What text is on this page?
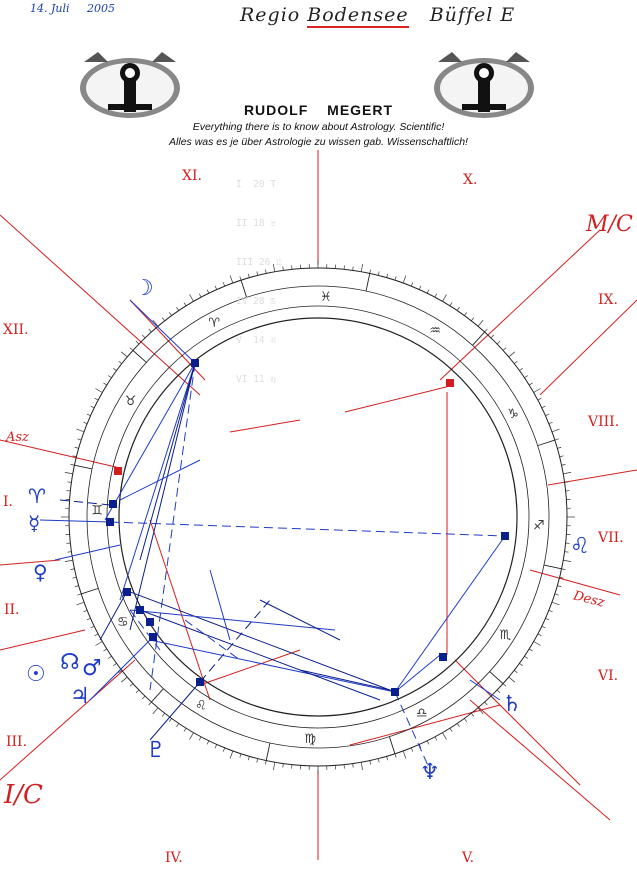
♈
♓
♒
♑
♐
♏
♎
♍
♌
♋
♊
♉
14. Juli 2005	Regio Bodensee Büffel E
RUDOLF MEGERT
Everything there is to know about Astrology. Scientific!
Alles was es je über Astrologie zu wissen gab. Wissenschaftlich!

I  20 T

II 18 ♉

III 26 ♊

IV 28 ♋

V  14 ♌

VI 11 ♍

XI.	X.
XII.
IX.
VIII.
I.
VII.
II.
VI.
III.
IV.	V.
M/C
Asz
Desz
I/C
☽
♈
☿
♀
☉ ☊ ♂
♃
♇
♆
♄
♌
